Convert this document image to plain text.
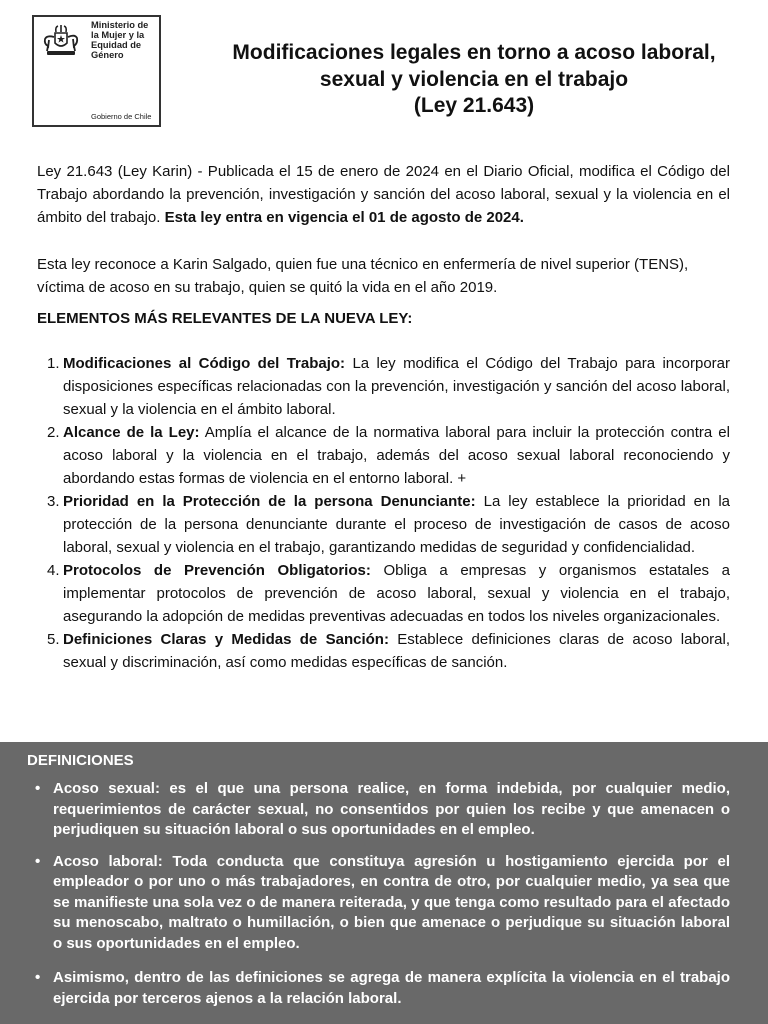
Ministerio de
la Mujer y la
Equidad de
Género

Gobierno de Chile

Modificaciones legales en torno a acoso laboral,
sexual y violencia en el trabajo
(Ley 21.643)

Ley 21.643 (Ley Karin) - Publicada el 15 de enero de 2024 en el Diario Oficial, modifica el Código del Trabajo abordando la prevención, investigación y sanción del acoso laboral, sexual y la violencia en el ámbito del trabajo. Esta ley entra en vigencia el 01 de agosto de 2024.

Esta ley reconoce a Karin Salgado, quien fue una técnico en enfermería de nivel superior (TENS), víctima de acoso en su trabajo, quien se quitó la vida en el año 2019.

ELEMENTOS MÁS RELEVANTES DE LA NUEVA LEY:

1. Modificaciones al Código del Trabajo: La ley modifica el Código del Trabajo para incorporar disposiciones específicas relacionadas con la prevención, investigación y sanción del acoso laboral, sexual y la violencia en el ámbito laboral.
2. Alcance de la Ley: Amplía el alcance de la normativa laboral para incluir la protección contra el acoso laboral y la violencia en el trabajo, además del acoso sexual laboral reconociendo y abordando estas formas de violencia en el entorno laboral. +
3. Prioridad en la Protección de la persona Denunciante: La ley establece la prioridad en la protección de la persona denunciante durante el proceso de investigación de casos de acoso laboral, sexual y violencia en el trabajo, garantizando medidas de seguridad y confidencialidad.
4. Protocolos de Prevención Obligatorios: Obliga a empresas y organismos estatales a implementar protocolos de prevención de acoso laboral, sexual y violencia en el trabajo, asegurando la adopción de medidas preventivas adecuadas en todos los niveles organizacionales.
5. Definiciones Claras y Medidas de Sanción: Establece definiciones claras de acoso laboral, sexual y discriminación, así como medidas específicas de sanción.

DEFINICIONES

• Acoso sexual: es el que una persona realice, en forma indebida, por cualquier medio, requerimientos de carácter sexual, no consentidos por quien los recibe y que amenacen o perjudiquen su situación laboral o sus oportunidades en el empleo.
• Acoso laboral: Toda conducta que constituya agresión u hostigamiento ejercida por el empleador o por uno o más trabajadores, en contra de otro, por cualquier medio, ya sea que se manifieste una sola vez o de manera reiterada, y que tenga como resultado para el afectado su menoscabo, maltrato o humillación, o bien que amenace o perjudique su situación laboral o sus oportunidades en el empleo.
• Asimismo, dentro de las definiciones se agrega de manera explícita la violencia en el trabajo ejercida por terceros ajenos a la relación laboral.
